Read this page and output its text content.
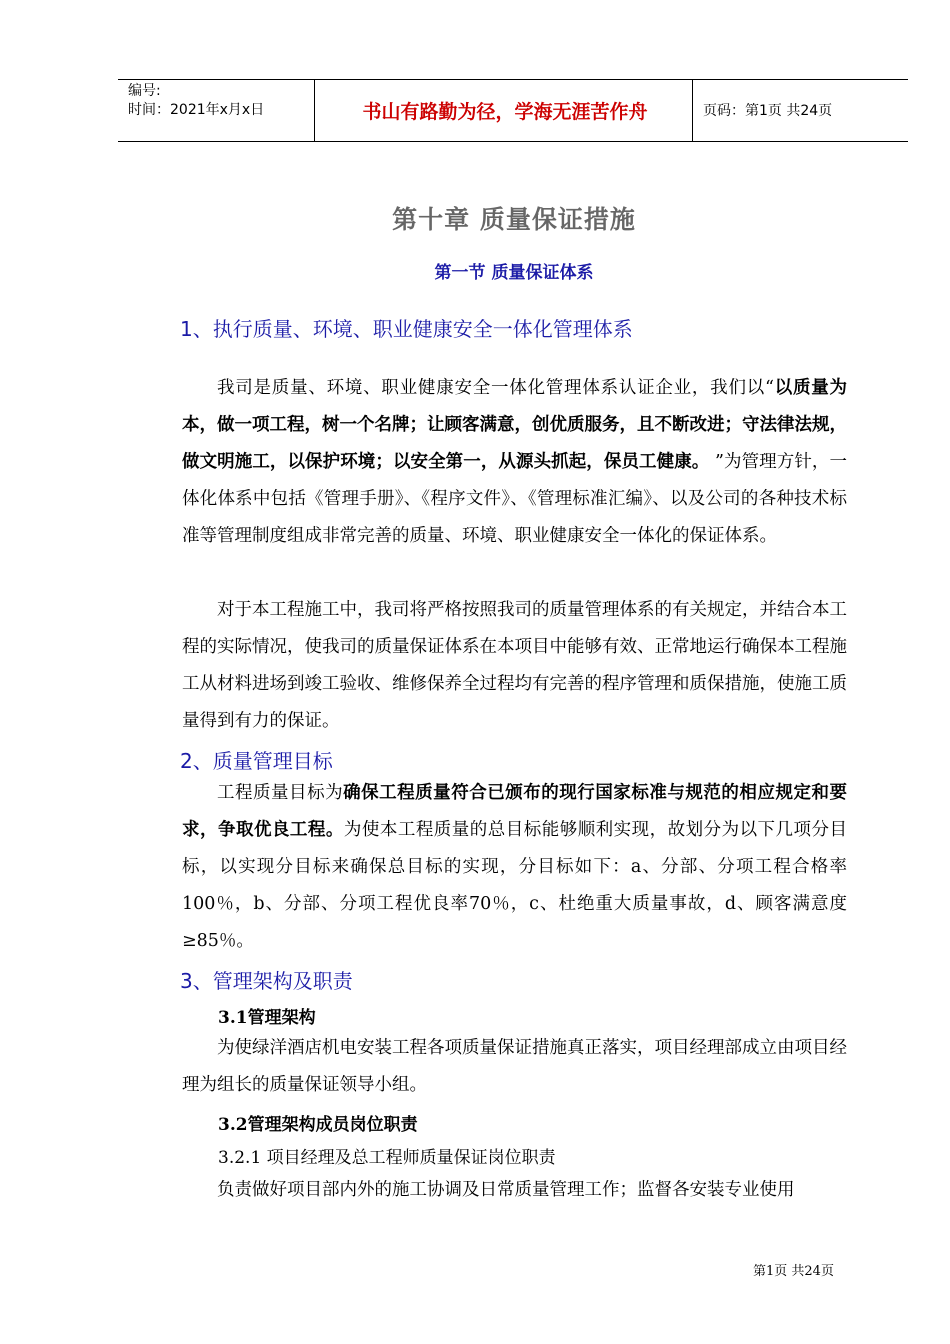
编号:
时间：2021年x月x日	书山有路勤为径，学海无涯苦作舟	页码：第1页 共24页
第十章 质量保证措施
第一节 质量保证体系
1、执行质量、环境、职业健康安全一体化管理体系
我司是质量、环境、职业健康安全一体化管理体系认证企业，我们以“以质量为本，做一项工程，树一个名牌；让顾客满意，创优质服务，且不断改进；守法律法规，做文明施工，以保护环境；以安全第一，从源头抓起，保员工健康。 ”为管理方针，一体化体系中包括《管理手册》、《程序文件》、《管理标准汇编》、以及公司的各种技术标准等管理制度组成非常完善的质量、环境、职业健康安全一体化的保证体系。
对于本工程施工中，我司将严格按照我司的质量管理体系的有关规定，并结合本工程的实际情况，使我司的质量保证体系在本项目中能够有效、正常地运行确保本工程施工从材料进场到竣工验收、维修保养全过程均有完善的程序管理和质保措施，使施工质量得到有力的保证。
2、质量管理目标
工程质量目标为确保工程质量符合已颁布的现行国家标准与规范的相应规定和要求，争取优良工程。为使本工程质量的总目标能够顺利实现，故划分为以下几项分目标，以实现分目标来确保总目标的实现，分目标如下：a、分部、分项工程合格率100％，b、分部、分项工程优良率70％，c、杜绝重大质量事故，d、顾客满意度≥85％。
3、管理架构及职责
3.1管理架构
为使绿洋酒店机电安装工程各项质量保证措施真正落实，项目经理部成立由项目经理为组长的质量保证领导小组。
3.2管理架构成员岗位职责
3.2.1 项目经理及总工程师质量保证岗位职责
负责做好项目部内外的施工协调及日常质量管理工作；监督各安装专业使用
第1页 共24页
